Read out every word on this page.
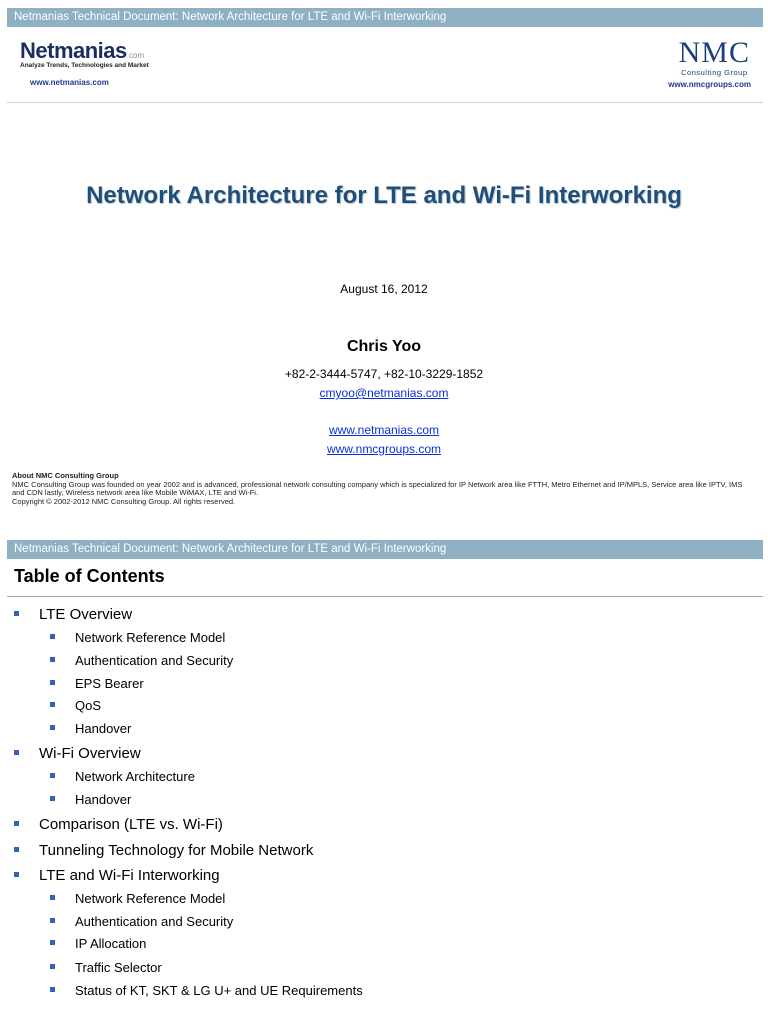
Netmanias Technical Document: Network Architecture for LTE and Wi-Fi Interworking
Netmanias.com
Analyze Trends, Technologies and Market
www.netmanias.com
NMC
Consulting Group
www.nmcgroups.com
Network Architecture for LTE and Wi-Fi Interworking
August 16, 2012
Chris Yoo
+82-2-3444-5747, +82-10-3229-1852
cmyoo@netmanias.com
www.netmanias.com
www.nmcgroups.com
About NMC Consulting Group
NMC Consulting Group was founded on year 2002 and is advanced, professional network consulting company which is specialized for IP Network area like FTTH, Metro Ethernet and IP/MPLS, Service area like IPTV, IMS and CDN lastly, Wireless network area like Mobile WiMAX, LTE and Wi-Fi.
Copyright © 2002-2012 NMC Consulting Group. All rights reserved.
Netmanias Technical Document: Network Architecture for LTE and Wi-Fi Interworking
Table of Contents
LTE Overview
Network Reference Model
Authentication and Security
EPS Bearer
QoS
Handover
Wi-Fi Overview
Network Architecture
Handover
Comparison (LTE vs. Wi-Fi)
Tunneling Technology for Mobile Network
LTE and Wi-Fi Interworking
Network Reference Model
Authentication and Security
IP Allocation
Traffic Selector
Status of KT, SKT & LG U+ and UE Requirements
